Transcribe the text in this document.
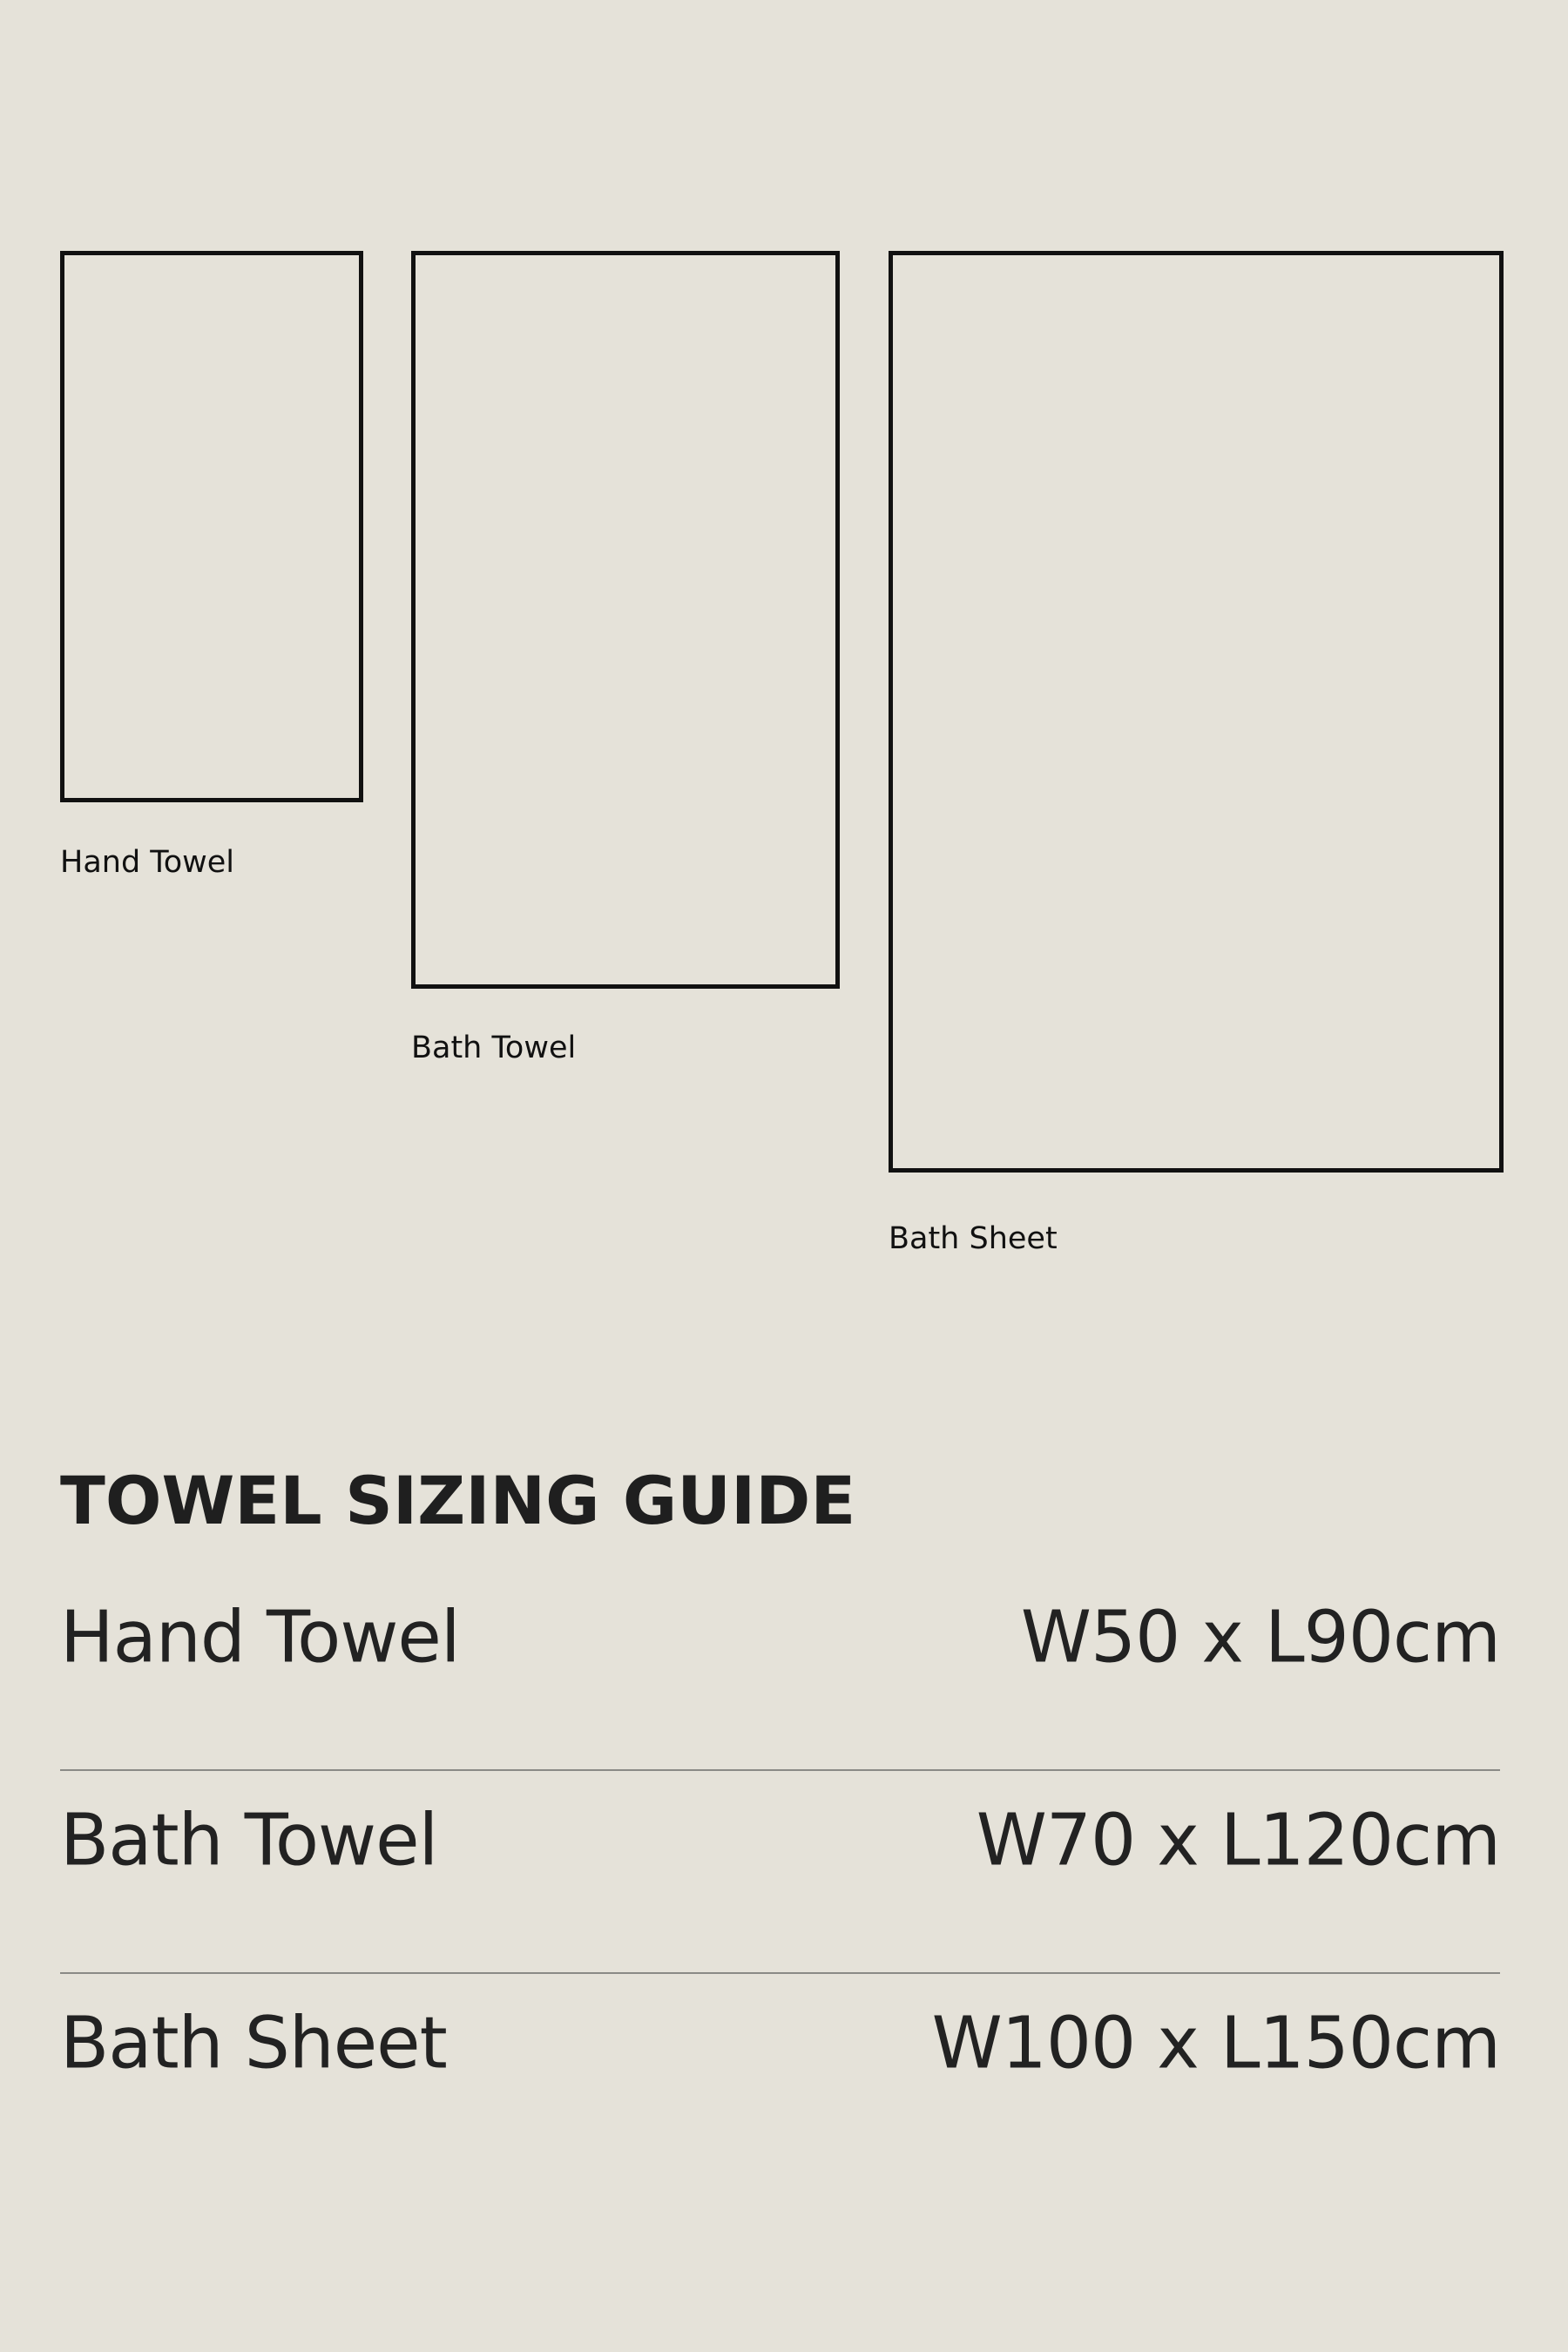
Hand Towel
Bath Towel
Bath Sheet
TOWEL SIZING GUIDE
Hand Towel	W50 x L90cm
Bath Towel	W70 x L120cm
Bath Sheet	W100 x L150cm
